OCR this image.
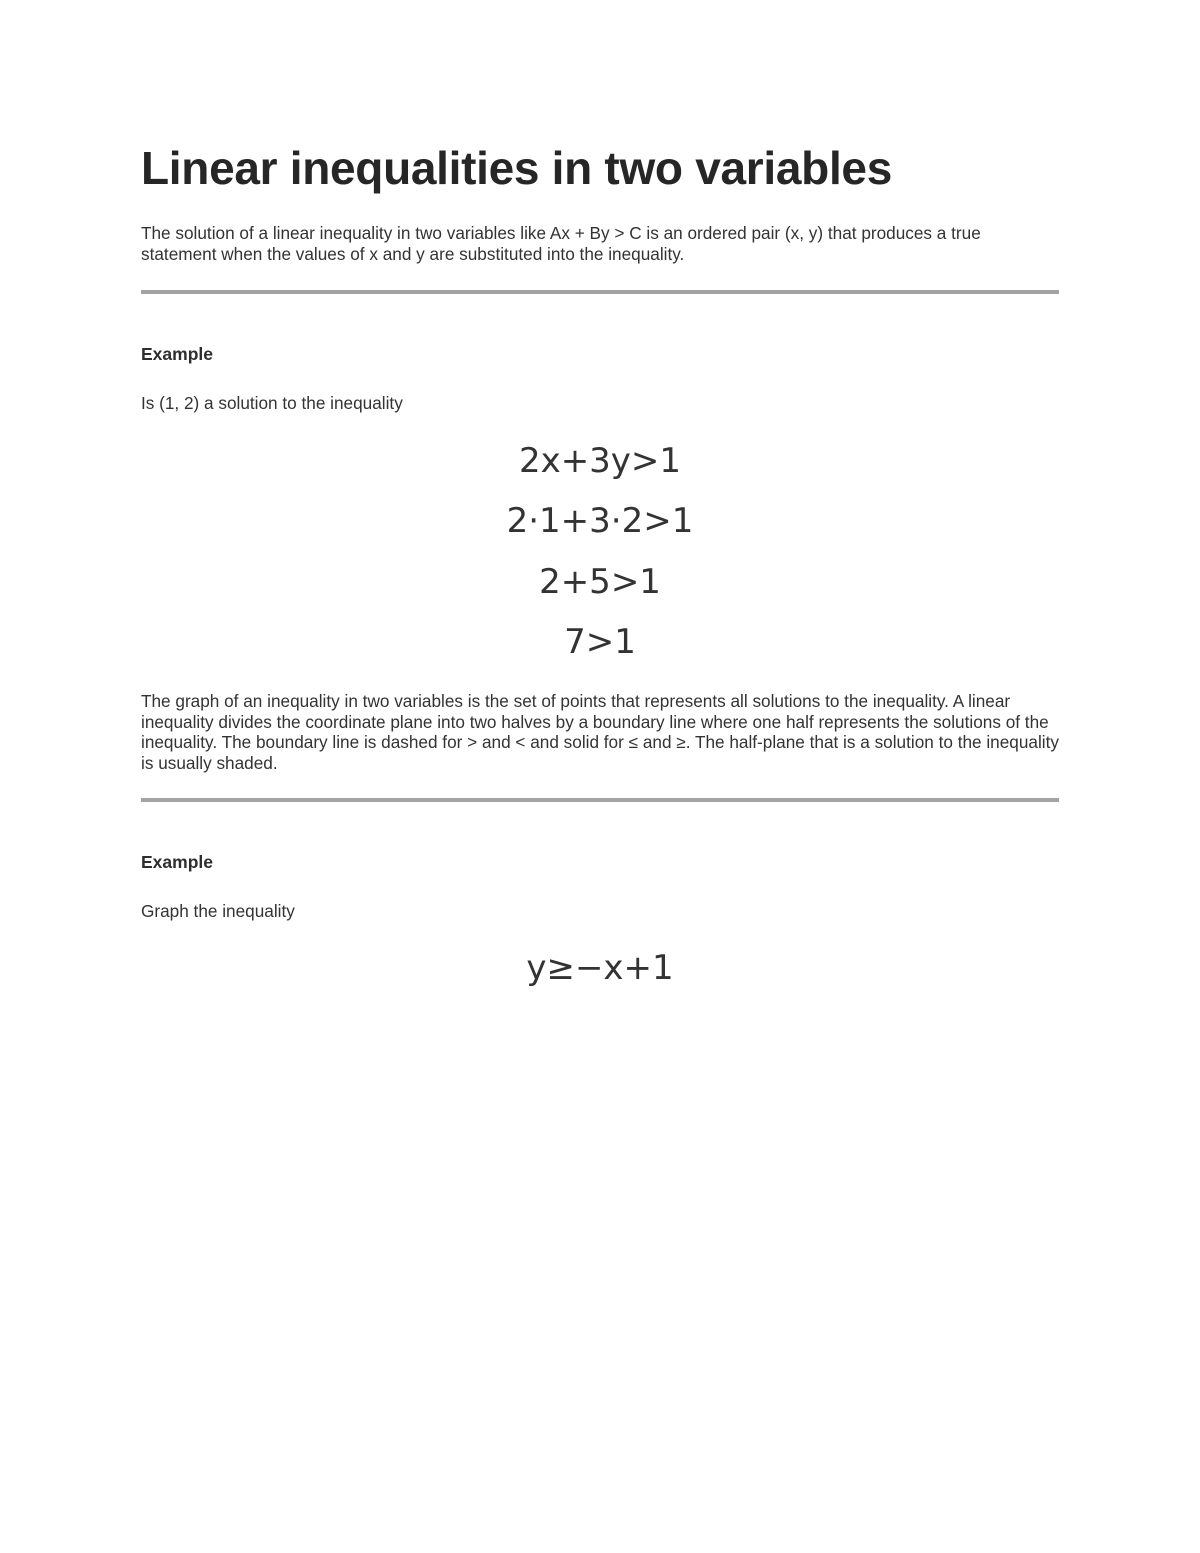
Linear inequalities in two variables

The solution of a linear inequality in two variables like Ax + By > C is an ordered pair (x, y) that produces a true statement when the values of x and y are substituted into the inequality.

Example

Is (1, 2) a solution to the inequality

2x+3y>1
2·1+3·2>1
2+5>1
7>1

The graph of an inequality in two variables is the set of points that represents all solutions to the inequality. A linear inequality divides the coordinate plane into two halves by a boundary line where one half represents the solutions of the inequality. The boundary line is dashed for > and < and solid for ≤ and ≥. The half-plane that is a solution to the inequality is usually shaded.

Example

Graph the inequality

y≥−x+1
